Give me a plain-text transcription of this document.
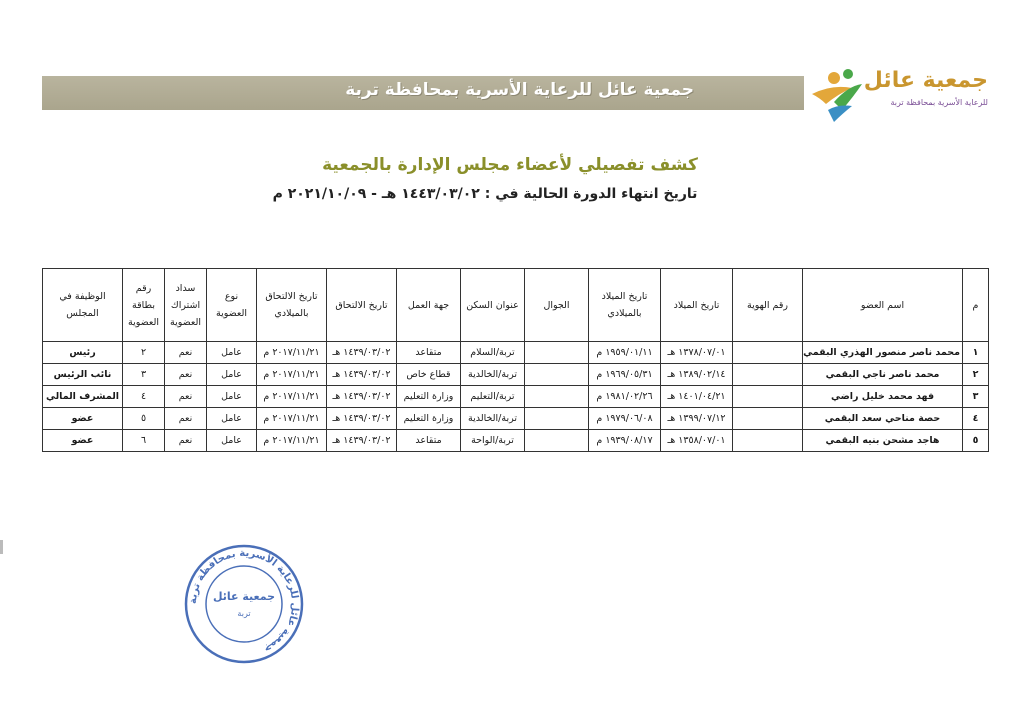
جمعية عائل للرعاية الأسرية بمحافظة تربة	جمعية عائل
للرعاية الأسرية بمحافظة تربة
كشف تفصيلي لأعضاء مجلس الإدارة بالجمعية
تاريخ انتهاء الدورة الحالية في : ١٤٤٣/٠٣/٠٢ هـ - ٢٠٢١/١٠/٠٩ م
م	اسم العضو	رقم الهوية	تاريخ الميلاد	تاريخ الميلاد بالميلادي	الجوال	عنوان السكن	جهة العمل	تاريخ الالتحاق	تاريخ الالتحاق بالميلادي	نوع العضوية	سداد اشتراك العضوية	رقم بطاقة العضوية	الوظيفة في المجلس
١	محمد ناصر منصور الهذري البقمي		١٣٧٨/٠٧/٠١ هـ	١٩٥٩/٠١/١١ م		تربة/السلام	متقاعد	١٤٣٩/٠٣/٠٢ هـ	٢٠١٧/١١/٢١ م	عامل	نعم	٢	رئيس
٢	محمد ناصر ناجي البقمي		١٣٨٩/٠٢/١٤ هـ	١٩٦٩/٠٥/٣١ م		تربة/الخالدية	قطاع خاص	١٤٣٩/٠٣/٠٢ هـ	٢٠١٧/١١/٢١ م	عامل	نعم	٣	نائب الرئيس
٣	فهد محمد خليل راضي		١٤٠١/٠٤/٢١ هـ	١٩٨١/٠٢/٢٦ م		تربة/التعليم	وزارة التعليم	١٤٣٩/٠٣/٠٢ هـ	٢٠١٧/١١/٢١ م	عامل	نعم	٤	المشرف المالي
٤	حصة مناحي سعد البقمي		١٣٩٩/٠٧/١٢ هـ	١٩٧٩/٠٦/٠٨ م		تربة/الخالدية	وزارة التعليم	١٤٣٩/٠٣/٠٢ هـ	٢٠١٧/١١/٢١ م	عامل	نعم	٥	عضو
٥	هاجد مشحن بنيه البقمي		١٣٥٨/٠٧/٠١ هـ	١٩٣٩/٠٨/١٧ م		تربة/الواحة	متقاعد	١٤٣٩/٠٣/٠٢ هـ	٢٠١٧/١١/٢١ م	عامل	نعم	٦	عضو
جمعية عائل للرعاية الأسرية بمحافظة تربة
جمعية عائل
تربة
